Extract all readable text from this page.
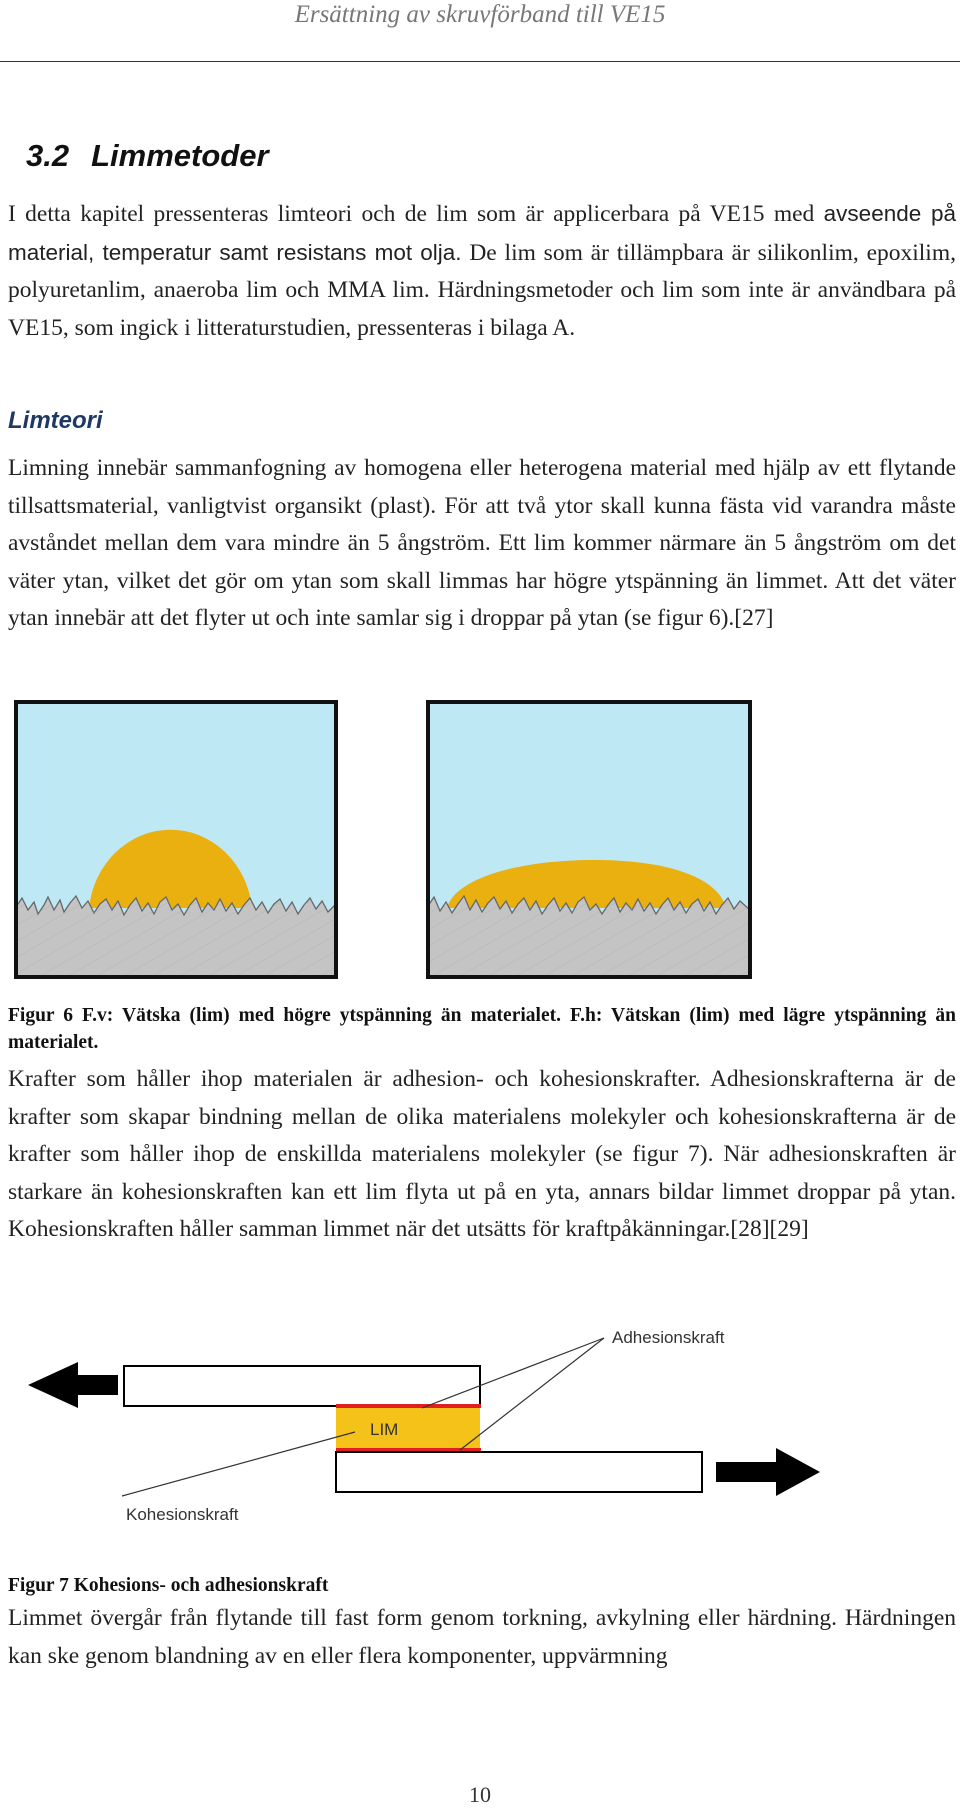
Ersättning av skruvförband till VE15
3.2 Limmetoder
I detta kapitel pressenteras limteori och de lim som är applicerbara på VE15 med avseende på material, temperatur samt resistans mot olja. De lim som är tillämpbara är silikonlim, epoxilim, polyuretanlim, anaeroba lim och MMA lim. Härdningsmetoder och lim som inte är användbara på VE15, som ingick i litteraturstudien, pressenteras i bilaga A.
Limteori
Limning innebär sammanfogning av homogena eller heterogena material med hjälp av ett flytande tillsattsmaterial, vanligtvist organsikt (plast). För att två ytor skall kunna fästa vid varandra måste avståndet mellan dem vara mindre än 5 ångström. Ett lim kommer närmare än 5 ångström om det väter ytan, vilket det gör om ytan som skall limmas har högre ytspänning än limmet. Att det väter ytan innebär att det flyter ut och inte samlar sig i droppar på ytan (se figur 6).[27]
Figur 6 F.v: Vätska (lim) med högre ytspänning än materialet. F.h: Vätskan (lim) med lägre ytspänning än materialet.
Krafter som håller ihop materialen är adhesion- och kohesionskrafter. Adhesionskrafterna är de krafter som skapar bindning mellan de olika materialens molekyler och kohesionskrafterna är de krafter som håller ihop de enskillda materialens molekyler (se figur 7). När adhesionskraften är starkare än kohesionskraften kan ett lim flyta ut på en yta, annars bildar limmet droppar på ytan. Kohesionskraften håller samman limmet när det utsätts för kraftpåkänningar.[28][29]
Adhesionskraft
LIM
Kohesionskraft
Figur 7 Kohesions- och adhesionskraft
Limmet övergår från flytande till fast form genom torkning, avkylning eller härdning. Härdningen kan ske genom blandning av en eller flera komponenter, uppvärmning
10
